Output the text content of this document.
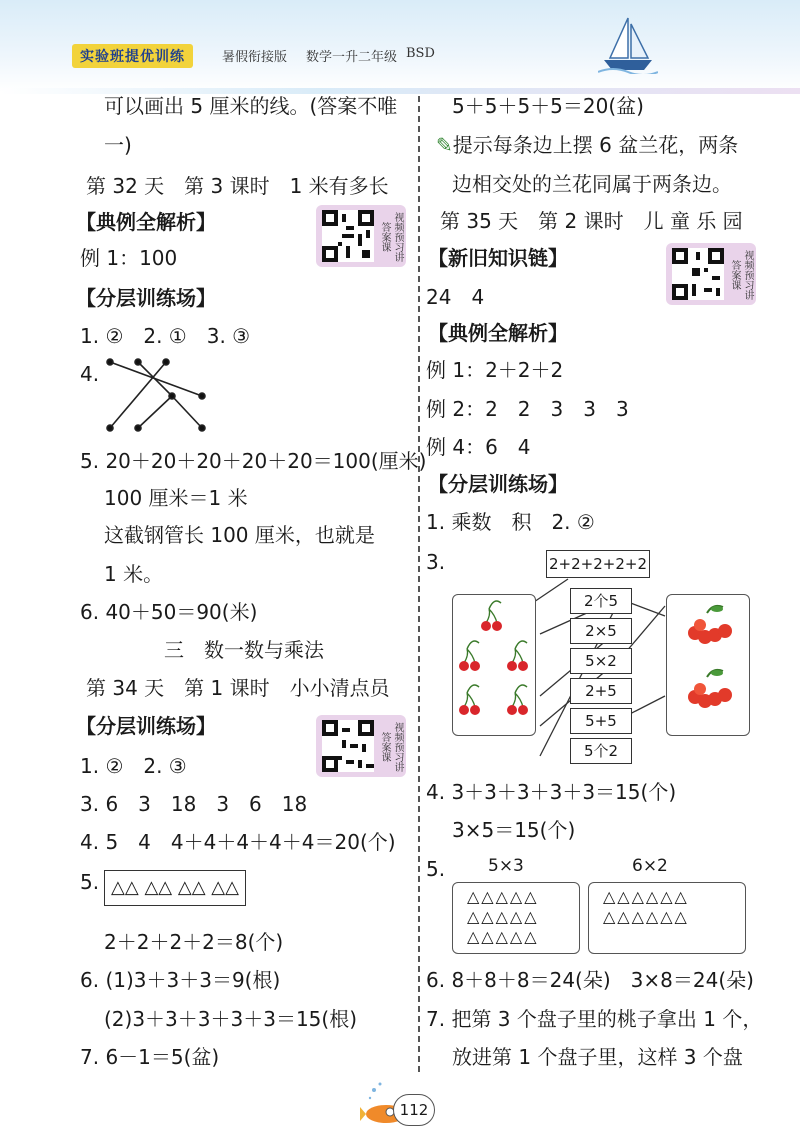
实验班提优训练	暑假衔接版 数学一升二年级 BSD
可以画出 5 厘米的线。(答案不唯
一)
第 32 天　第 3 课时　1 米有多长
【典例全解析】	视频预习讲答案课
例 1：100
【分层训练场】
1. ②　2. ①　3. ③
4.
5. 20＋20＋20＋20＋20＝100(厘米)
100 厘米＝1 米
这截钢管长 100 厘米，也就是
1 米。
6. 40＋50＝90(米)
三　数一数与乘法
第 34 天　第 1 课时　小小清点员
【分层训练场】	视频预习讲答案课
1. ②　2. ③
3. 6　3　18　3　6　18
4. 5　4　4＋4＋4＋4＋4＝20(个)
5. △△ △△ △△ △△
2＋2＋2＋2＝8(个)
6. (1)3＋3＋3＝9(根)
(2)3＋3＋3＋3＋3＝15(根)
7. 6－1＝5(盆)
5＋5＋5＋5＝20(盆)
✎提示每条边上摆 6 盆兰花，两条
边相交处的兰花同属于两条边。
第 35 天　第 2 课时　儿 童 乐 园
【新旧知识链】	视频预习讲答案课
24　4
【典例全解析】
例 1：2＋2＋2
例 2：2　2　3　3　3
例 4：6　4
【分层训练场】
1. 乘数　积　2. ②
3.	2+2+2+2+2
2个5
2×5
5×2
2+5
5+5
5个2
4. 3＋3＋3＋3＋3＝15(个)
3×5＝15(个)
5.	5×3	6×2
△△△△△
△△△△△
△△△△△
△△△△△△
△△△△△△
6. 8＋8＋8＝24(朵)　3×8＝24(朵)
7. 把第 3 个盘子里的桃子拿出 1 个，
放进第 1 个盘子里，这样 3 个盘
112
